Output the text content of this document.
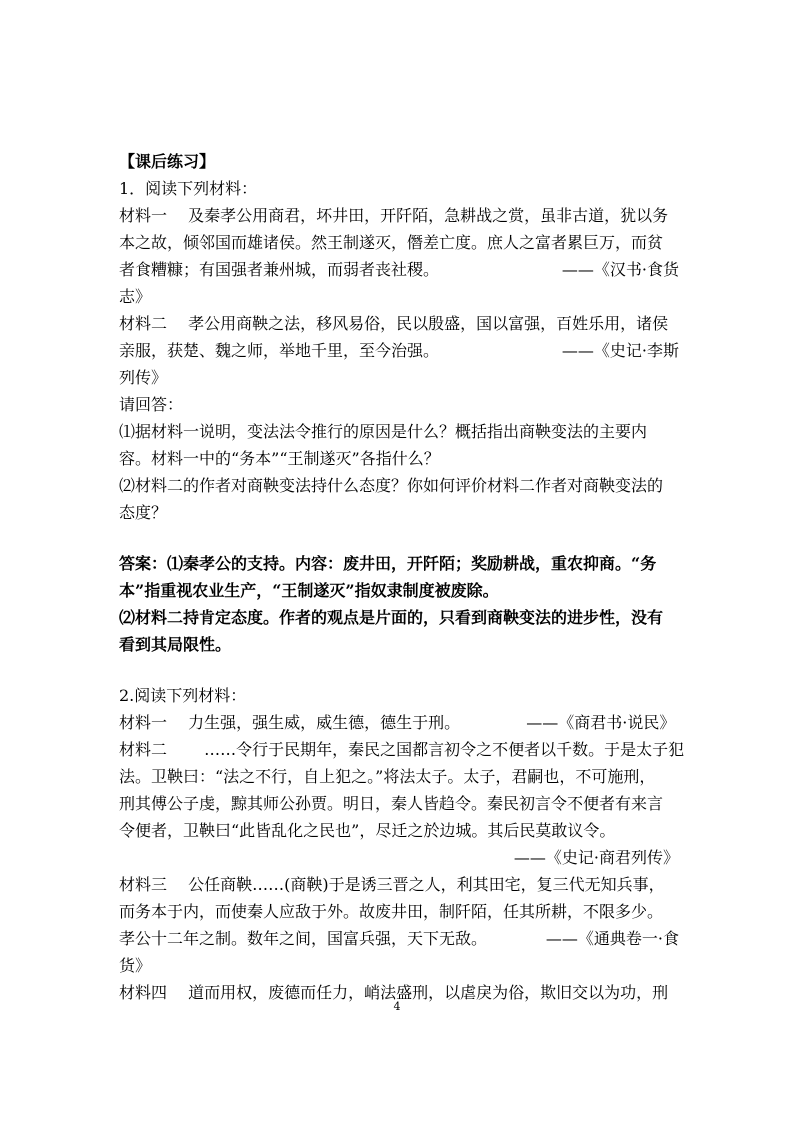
【课后练习】
1．阅读下列材料：
材料一　 及秦孝公用商君，坏井田，开阡陌，急耕战之赏，虽非古道，犹以务
本之故，倾邻国而雄诸侯。然王制遂灭，僭差亡度。庶人之富者累巨万，而贫
者食糟糠；有国强者兼州城，而弱者丧社稷。	——《汉书·食货
志》
材料二　 孝公用商鞅之法，移风易俗，民以殷盛，国以富强，百姓乐用，诸侯
亲服，获楚、魏之师，举地千里，至今治强。	——《史记·李斯
列传》
请回答：
⑴据材料一说明，变法法令推行的原因是什么？概括指出商鞅变法的主要内
容。材料一中的“务本”“王制遂灭”各指什么？
⑵材料二的作者对商鞅变法持什么态度？你如何评价材料二作者对商鞅变法的
态度？
答案：⑴秦孝公的支持。内容：废井田，开阡陌；奖励耕战，重农抑商。“务
本”指重视农业生产，“王制遂灭”指奴隶制度被废除。
⑵材料二持肯定态度。作者的观点是片面的，只看到商鞅变法的进步性，没有
看到其局限性。
2.阅读下列材料：
材料一　 力生强，强生威，威生德，德生于刑。	——《商君书·说民》
材料二　　 ……令行于民期年，秦民之国都言初令之不便者以千数。于是太子犯
法。卫鞅曰：“法之不行，自上犯之。”将法太子。太子，君嗣也，不可施刑，
刑其傅公子虔，黥其师公孙贾。明日，秦人皆趋令。秦民初言令不便者有来言
令便者，卫鞅曰“此皆乱化之民也”，尽迁之於边城。其后民莫敢议令。
——《史记·商君列传》
材料三　 公任商鞅……(商鞅)于是诱三晋之人，利其田宅，复三代无知兵事，
而务本于内，而使秦人应敌于外。故废井田，制阡陌，任其所耕，不限多少。
孝公十二年之制。数年之间，国富兵强，天下无敌。	——《通典卷一·食
货》
材料四　 道而用权，废德而任力，峭法盛刑，以虐戾为俗，欺旧交以为功，刑
4
